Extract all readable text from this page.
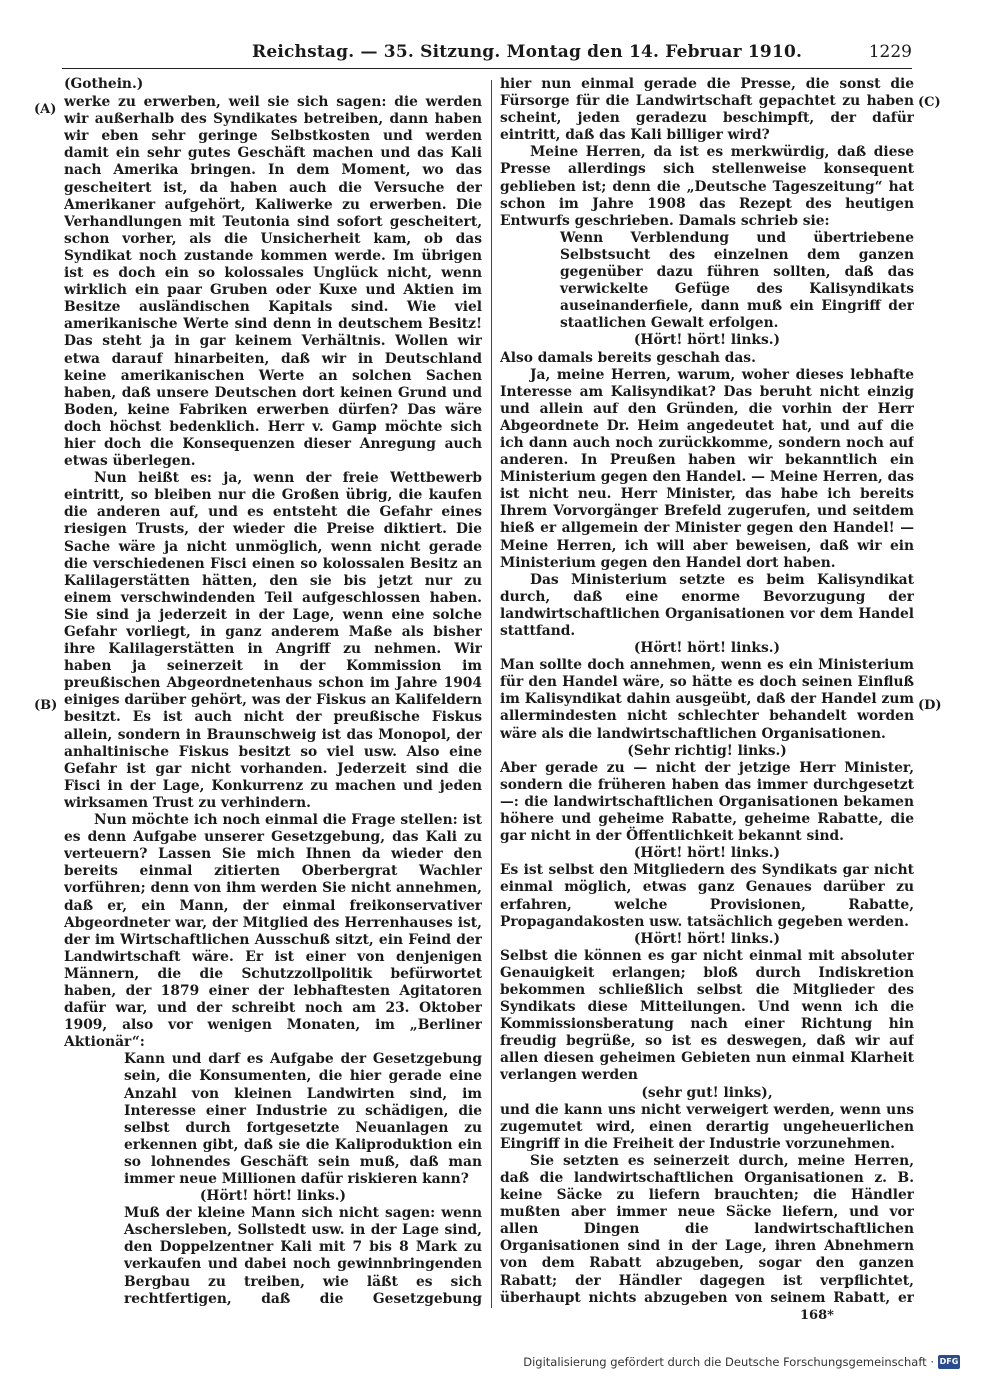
Reichstag. — 35. Sitzung. Montag den 14. Februar 1910.	1229
(A)
(B)
(C)
(D)

(Gothein.)

werke zu erwerben, weil sie sich sagen: die werden wir außerhalb des Syndikates betreiben, dann haben wir eben sehr geringe Selbstkosten und werden damit ein sehr gutes Geschäft machen und das Kali nach Amerika bringen. In dem Moment, wo das gescheitert ist, da haben auch die Versuche der Amerikaner aufgehört, Kaliwerke zu erwerben. Die Verhandlungen mit Teutonia sind sofort gescheitert, schon vorher, als die Unsicherheit kam, ob das Syndikat noch zustande kommen werde. Im übrigen ist es doch ein so kolossales Unglück nicht, wenn wirklich ein paar Gruben oder Kuxe und Aktien im Besitze ausländischen Kapitals sind. Wie viel amerikanische Werte sind denn in deutschem Besitz! Das steht ja in gar keinem Verhältnis. Wollen wir etwa darauf hinarbeiten, daß wir in Deutschland keine amerikanischen Werte an solchen Sachen haben, daß unsere Deutschen dort keinen Grund und Boden, keine Fabriken erwerben dürfen? Das wäre doch höchst bedenklich. Herr v. Gamp möchte sich hier doch die Konsequenzen dieser Anregung auch etwas überlegen.

Nun heißt es: ja, wenn der freie Wettbewerb eintritt, so bleiben nur die Großen übrig, die kaufen die anderen auf, und es entsteht die Gefahr eines riesigen Trusts, der wieder die Preise diktiert. Die Sache wäre ja nicht unmöglich, wenn nicht gerade die verschiedenen Fisci einen so kolossalen Besitz an Kalilagerstätten hätten, den sie bis jetzt nur zu einem verschwindenden Teil aufgeschlossen haben. Sie sind ja jederzeit in der Lage, wenn eine solche Gefahr vorliegt, in ganz anderem Maße als bisher ihre Kalilagerstätten in Angriff zu nehmen. Wir haben ja seinerzeit in der Kommission im preußischen Abgeordnetenhaus schon im Jahre 1904 einiges darüber gehört, was der Fiskus an Kalifeldern besitzt. Es ist auch nicht der preußische Fiskus allein, sondern in Braunschweig ist das Monopol, der anhaltinische Fiskus besitzt so viel usw. Also eine Gefahr ist gar nicht vorhanden. Jederzeit sind die Fisci in der Lage, Konkurrenz zu machen und jeden wirksamen Trust zu verhindern.

Nun möchte ich noch einmal die Frage stellen: ist es denn Aufgabe unserer Gesetzgebung, das Kali zu verteuern? Lassen Sie mich Ihnen da wieder den bereits einmal zitierten Oberbergrat Wachler vorführen; denn von ihm werden Sie nicht annehmen, daß er, ein Mann, der einmal freikonservativer Abgeordneter war, der Mitglied des Herrenhauses ist, der im Wirtschaftlichen Ausschuß sitzt, ein Feind der Landwirtschaft wäre. Er ist einer von denjenigen Männern, die die Schutzzollpolitik befürwortet haben, der 1879 einer der lebhaftesten Agitatoren dafür war, und der schreibt noch am 23. Oktober 1909, also vor wenigen Monaten, im „Berliner Aktionär“:

Kann und darf es Aufgabe der Gesetzgebung sein, die Konsumenten, die hier gerade eine Anzahl von kleinen Landwirten sind, im Interesse einer Industrie zu schädigen, die selbst durch fortgesetzte Neuanlagen zu erkennen gibt, daß sie die Kaliproduktion ein so lohnendes Geschäft sein muß, daß man immer neue Millionen dafür riskieren kann?

(Hört! hört! links.)

Muß der kleine Mann sich nicht sagen: wenn Aschersleben, Sollstedt usw. in der Lage sind, den Doppelzentner Kali mit 7 bis 8 Mark zu verkaufen und dabei noch gewinnbringenden Bergbau zu treiben, wie läßt es sich rechtfertigen, daß die Gesetzgebung

hier nun einmal gerade die Presse, die sonst die Fürsorge für die Landwirtschaft gepachtet zu haben scheint, jeden geradezu beschimpft, der dafür eintritt, daß das Kali billiger wird?

Meine Herren, da ist es merkwürdig, daß diese Presse allerdings sich stellenweise konsequent geblieben ist; denn die „Deutsche Tageszeitung“ hat schon im Jahre 1908 das Rezept des heutigen Entwurfs geschrieben. Damals schrieb sie:

Wenn Verblendung und übertriebene Selbstsucht des einzelnen dem ganzen gegenüber dazu führen sollten, daß das verwickelte Gefüge des Kalisyndikats auseinanderfiele, dann muß ein Eingriff der staatlichen Gewalt erfolgen.

(Hört! hört! links.)

Also damals bereits geschah das.

Ja, meine Herren, warum, woher dieses lebhafte Interesse am Kalisyndikat? Das beruht nicht einzig und allein auf den Gründen, die vorhin der Herr Abgeordnete Dr. Heim angedeutet hat, und auf die ich dann auch noch zurückkomme, sondern noch auf anderen. In Preußen haben wir bekanntlich ein Ministerium gegen den Handel. — Meine Herren, das ist nicht neu. Herr Minister, das habe ich bereits Ihrem Vorvorgänger Brefeld zugerufen, und seitdem hieß er allgemein der Minister gegen den Handel! — Meine Herren, ich will aber beweisen, daß wir ein Ministerium gegen den Handel dort haben.

Das Ministerium setzte es beim Kalisyndikat durch, daß eine enorme Bevorzugung der landwirtschaftlichen Organisationen vor dem Handel stattfand.

(Hört! hört! links.)

Man sollte doch annehmen, wenn es ein Ministerium für den Handel wäre, so hätte es doch seinen Einfluß im Kalisyndikat dahin ausgeübt, daß der Handel zum allermindesten nicht schlechter behandelt worden wäre als die landwirtschaftlichen Organisationen.

(Sehr richtig! links.)

Aber gerade zu — nicht der jetzige Herr Minister, sondern die früheren haben das immer durchgesetzt —: die landwirtschaftlichen Organisationen bekamen höhere und geheime Rabatte, geheime Rabatte, die gar nicht in der Öffentlichkeit bekannt sind.

(Hört! hört! links.)

Es ist selbst den Mitgliedern des Syndikats gar nicht einmal möglich, etwas ganz Genaues darüber zu erfahren, welche Provisionen, Rabatte, Propagandakosten usw. tatsächlich gegeben werden.

(Hört! hört! links.)

Selbst die können es gar nicht einmal mit absoluter Genauigkeit erlangen; bloß durch Indiskretion bekommen schließlich selbst die Mitglieder des Syndikats diese Mitteilungen. Und wenn ich die Kommissionsberatung nach einer Richtung hin freudig begrüße, so ist es deswegen, daß wir auf allen diesen geheimen Gebieten nun einmal Klarheit verlangen werden

(sehr gut! links),

und die kann uns nicht verweigert werden, wenn uns zugemutet wird, einen derartig ungeheuerlichen Eingriff in die Freiheit der Industrie vorzunehmen.

Sie setzten es seinerzeit durch, meine Herren, daß die landwirtschaftlichen Organisationen z. B. keine Säcke zu liefern brauchten; die Händler mußten aber immer neue Säcke liefern, und vor allen Dingen die landwirtschaftlichen Organisationen sind in der Lage, ihren Abnehmern von dem Rabatt abzugeben, sogar den ganzen Rabatt; der Händler dagegen ist verpflichtet, überhaupt nichts abzugeben von seinem Rabatt, er

168*
Digitalisierung gefördert durch die Deutsche Forschungsgemeinschaft · DFG
